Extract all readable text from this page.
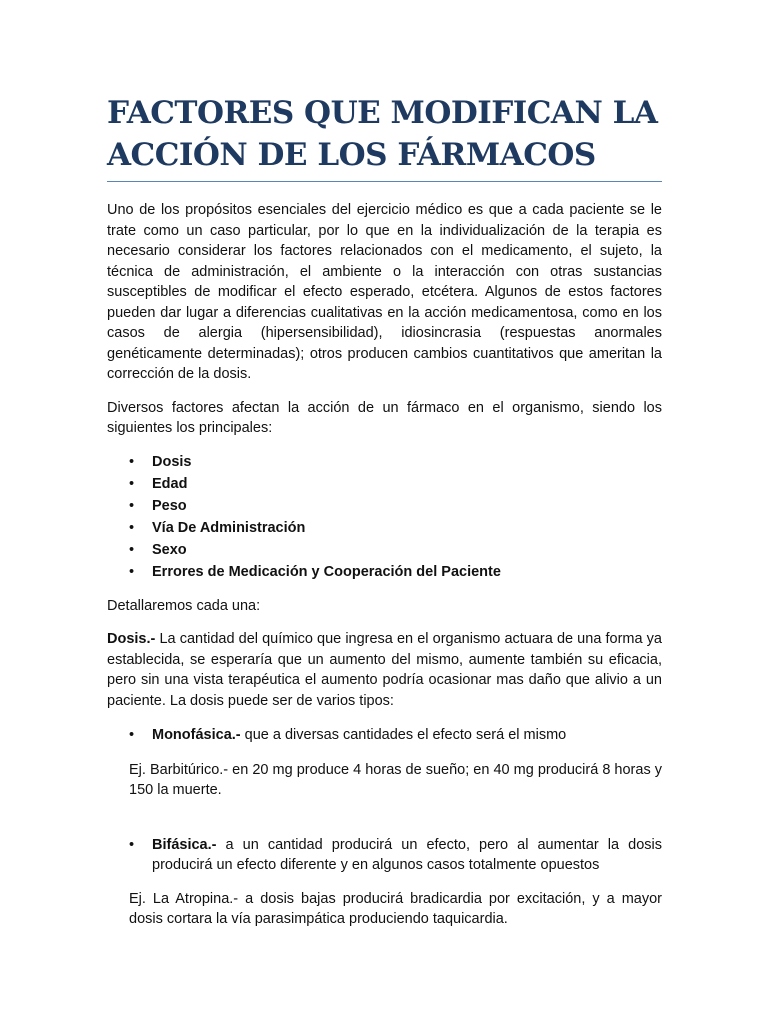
FACTORES QUE MODIFICAN LA
ACCIÓN DE LOS FÁRMACOS

Uno de los propósitos esenciales del ejercicio médico es que a cada paciente se le trate como un caso particular, por lo que en la individualización de la terapia es necesario considerar los factores relacionados con el medicamento, el sujeto, la técnica de administración, el ambiente o la interacción con otras sustancias susceptibles de modificar el efecto esperado, etcétera. Algunos de estos factores pueden dar lugar a diferencias cualitativas en la acción medicamentosa, como en los casos de alergia (hipersensibilidad), idiosincrasia (respuestas anormales genéticamente determinadas); otros producen cambios cuantitativos que ameritan la corrección de la dosis.

Diversos factores afectan la acción de un fármaco en el organismo, siendo los siguientes los principales:

• Dosis
• Edad
• Peso
• Vía De Administración
• Sexo
• Errores de Medicación y Cooperación del Paciente

Detallaremos cada una:

Dosis.- La cantidad del químico que ingresa en el organismo actuara de una forma ya establecida, se esperaría que un aumento del mismo, aumente también su eficacia, pero sin una vista terapéutica el aumento podría ocasionar mas daño que alivio a un paciente. La dosis puede ser de varios tipos:

• Monofásica.- que a diversas cantidades el efecto será el mismo

Ej. Barbitúrico.- en 20 mg produce 4 horas de sueño; en 40 mg producirá 8 horas y 150 la muerte.

• Bifásica.- a un cantidad producirá un efecto, pero al aumentar la dosis producirá un efecto diferente y en algunos casos totalmente opuestos

Ej. La Atropina.- a dosis bajas producirá bradicardia por excitación, y a mayor dosis cortara la vía parasimpática produciendo taquicardia.
